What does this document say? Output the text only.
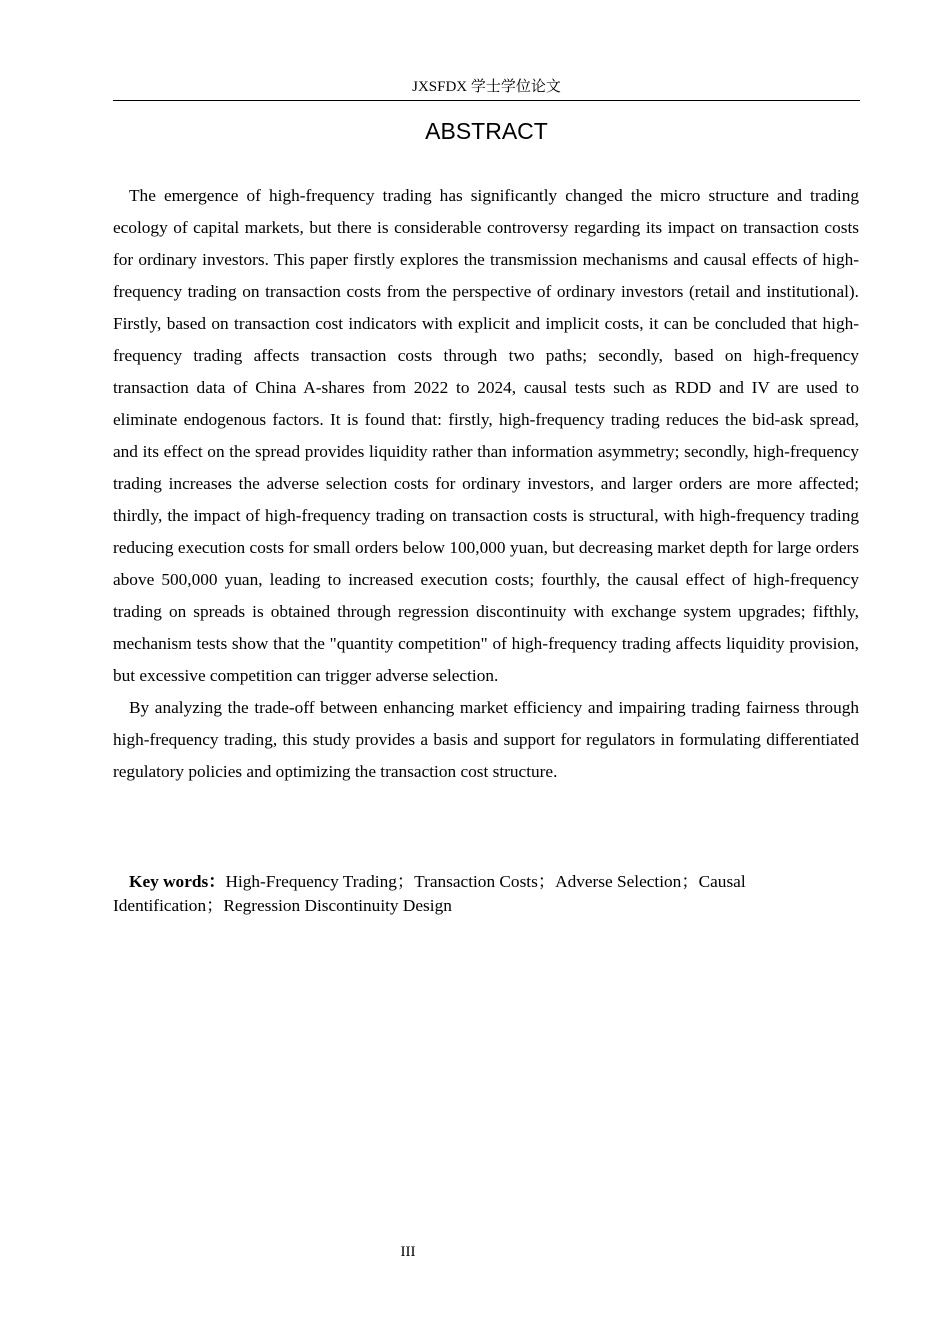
JXSFDX 学士学位论文
ABSTRACT

The emergence of high-frequency trading has significantly changed the micro structure and trading ecology of capital markets, but there is considerable controversy regarding its impact on transaction costs for ordinary investors. This paper firstly explores the transmission mechanisms and causal effects of high-frequency trading on transaction costs from the perspective of ordinary investors (retail and institutional). Firstly, based on transaction cost indicators with explicit and implicit costs, it can be concluded that high-frequency trading affects transaction costs through two paths; secondly, based on high-frequency transaction data of China A-shares from 2022 to 2024, causal tests such as RDD and IV are used to eliminate endogenous factors. It is found that: firstly, high-frequency trading reduces the bid-ask spread, and its effect on the spread provides liquidity rather than information asymmetry; secondly, high-frequency trading increases the adverse selection costs for ordinary investors, and larger orders are more affected; thirdly, the impact of high-frequency trading on transaction costs is structural, with high-frequency trading reducing execution costs for small orders below 100,000 yuan, but decreasing market depth for large orders above 500,000 yuan, leading to increased execution costs; fourthly, the causal effect of high-frequency trading on spreads is obtained through regression discontinuity with exchange system upgrades; fifthly, mechanism tests show that the "quantity competition" of high-frequency trading affects liquidity provision, but excessive competition can trigger adverse selection.

By analyzing the trade-off between enhancing market efficiency and impairing trading fairness through high-frequency trading, this study provides a basis and support for regulators in formulating differentiated regulatory policies and optimizing the transaction cost structure.

Key words：High-Frequency Trading；Transaction Costs；Adverse Selection；Causal Identification；Regression Discontinuity Design
III
